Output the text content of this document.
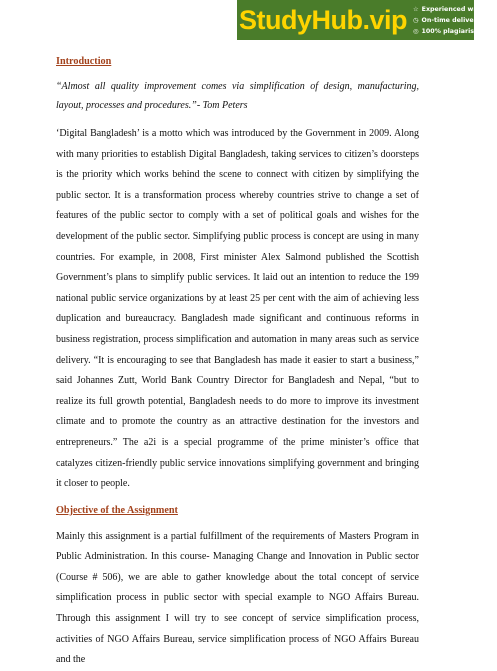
StudyHub.vip ☆ Experienced writers
◷ On-time delivery
◎ 100% plagiarism free

Introduction

“Almost all quality improvement comes via simplification of design, manufacturing, layout, processes and procedures.”- Tom Peters

‘Digital Bangladesh’ is a motto which was introduced by the Government in 2009. Along with many priorities to establish Digital Bangladesh, taking services to citizen’s doorsteps is the priority which works behind the scene to connect with citizen by simplifying the public sector. It is a transformation process whereby countries strive to change a set of features of the public sector to comply with a set of political goals and wishes for the development of the public sector. Simplifying public process is concept are using in many countries. For example, in 2008, First minister Alex Salmond published the Scottish Government’s plans to simplify public services. It laid out an intention to reduce the 199 national public service organizations by at least 25 per cent with the aim of achieving less duplication and bureaucracy. Bangladesh made significant and continuous reforms in business registration, process simplification and automation in many areas such as service delivery. “It is encouraging to see that Bangladesh has made it easier to start a business,” said Johannes Zutt, World Bank Country Director for Bangladesh and Nepal, “but to realize its full growth potential, Bangladesh needs to do more to improve its investment climate and to promote the country as an attractive destination for the investors and entrepreneurs.” The a2i is a special programme of the prime minister’s office that catalyzes citizen-friendly public service innovations simplifying government and bringing it closer to people.

Objective of the Assignment

Mainly this assignment is a partial fulfillment of the requirements of Masters Program in Public Administration. In this course- Managing Change and Innovation in Public sector (Course # 506), we are able to gather knowledge about the total concept of service simplification process in public sector with special example to NGO Affairs Bureau. Through this assignment I will try to see concept of service simplification process, activities of NGO Affairs Bureau, service simplification process of NGO Affairs Bureau and the
